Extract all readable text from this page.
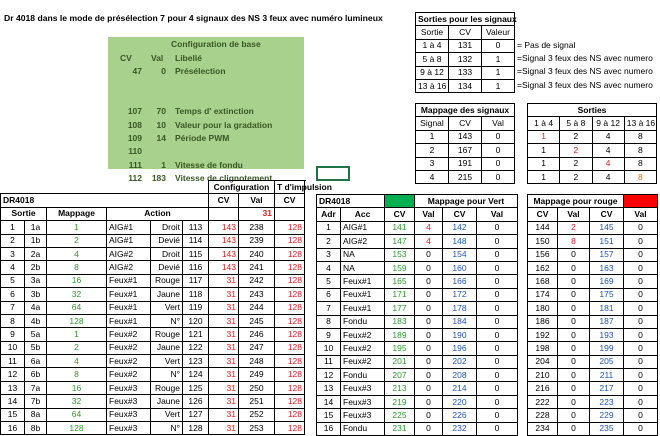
Dr 4018 dans le mode de présélection 7 pour 4 signaux des NS 3 feux avec numéro lumineux
Configuration de base
CV Val Libellé
47	0 Présélection
107	70 Temps d' extinction
108	10 Valeur pour la gradation
109	14 Période PWM
110
111	1 Vitesse de fondu
112	183 Vitesse de clignotement
Sorties pour les signaux		
Sortie	CV	Valeur
1 à 4	131	0
5 à 8	132	1
9 à 12	133	1
13 à 16	134	1
= Pas de signal
=Signal 3 feux des NS avec numero
=Signal 3 feux des NS avec numero
=Signal 3 feux des NS avec numero
Mappage des signaux		
Signal	CV	Val
1	143	0
2	167	0
3	191	0
4	215	0
Sorties			
1 à 4	5 à 8	9 à 12	13 à 16
1	2	4	8
1	2	4	8
1	2	4	8
1	2	4	8
						Configuration		T d'impulsion	
DR4018						CV	Val	CV	
Sortie		Mappage	Action				31		
1	1a	1	AIG#1	Droit	113	143	238	128	
2	1b	2	AIG#1	Devié	114	143	239	128	
3	2a	4	AIG#2	Droit	115	143	240	128	
4	2b	8	AIG#2	Devié	116	143	241	128	
5	3a	16	Feux#1	Rouge	117	31	242	128	
6	3b	32	Feux#1	Jaune	118	31	243	128	
7	4a	64	Feux#1	Vert	119	31	244	128	
8	4b	128	Feux#1	N°	120	31	245	128	
9	5a	1	Feux#2	Rouge	121	31	246	128	
10	5b	2	Feux#2	Jaune	122	31	247	128	
11	6a	4	Feux#2	Vert	123	31	248	128	
12	6b	8	Feux#2	N°	124	31	249	128	
13	7a	16	Feux#3	Rouge	125	31	250	128	
14	7b	32	Feux#3	Jaune	126	31	251	128	
15	8a	64	Feux#3	Vert	127	31	252	128	
16	8b	128	Feux#3	N°	128	31	253	128	
DR4018			Mappage pour Vert		
Adr	Acc	CV	Val	CV	Val
1	AIG#1	141	4	142	0
2	AIG#2	147	4	148	0
3	NA	153	0	154	0
4	NA	159	0	160	0
5	Feux#1	165	0	166	0
6	Feux#1	171	0	172	0
7	Feux#1	177	0	178	0
8	Fondu	183	0	184	0
9	Feux#2	189	0	190	0
10	Feux#2	195	0	196	0
11	Feux#2	201	0	202	0
12	Fondu	207	0	208	0
13	Feux#3	213	0	214	0
14	Feux#3	219	0	220	0
15	Feux#3	225	0	226	0
16	Fondu	231	0	232	0
Mappage pour rouge			
CV	Val	CV	Val
144	2	145	0
150	8	151	0
156	0	157	0
162	0	163	0
168	0	169	0
174	0	175	0
180	0	181	0
186	0	187	0
192	0	193	0
198	0	199	0
204	0	205	0
210	0	211	0
216	0	217	0
222	0	223	0
228	0	229	0
234	0	235	0
